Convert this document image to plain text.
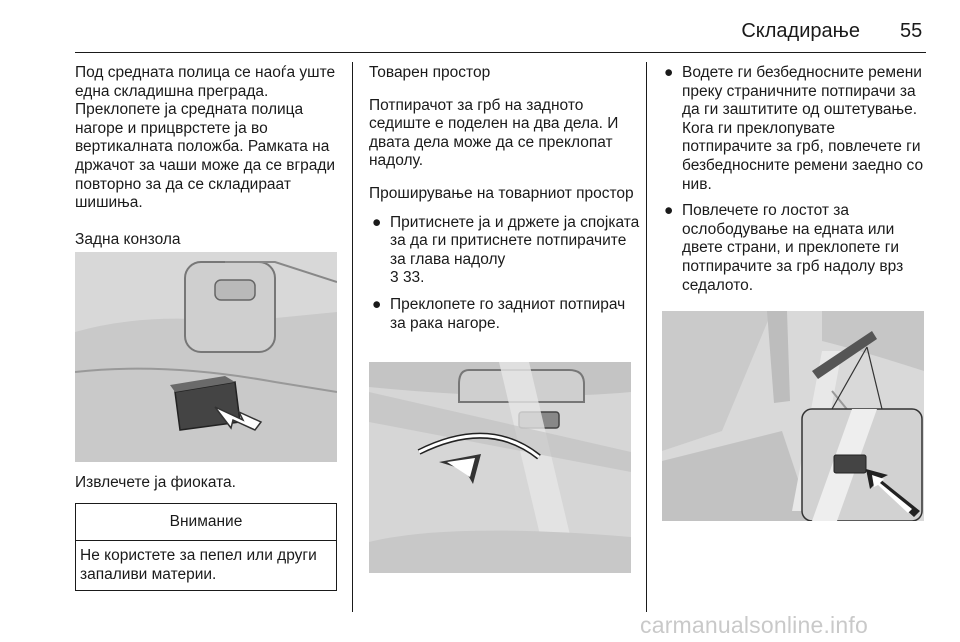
Складирање 55

Под средната полица се наоѓа уште една складишна преграда. Преклопете ја средната полица нагоре и прицврстете ја во вертикалната положба. Рамката на држачот за чаши може да се вгради повторно за да се складираат шишиња.

Задна конзола

Извлечете ја фиоката.

Внимание
Не користете за пепел или други запаливи материи.

Товарен простор

Потпирачот за грб на задното седиште е поделен на два дела. И двата дела може да се преклопат надолу.

Проширување на товарниот простор

● Притиснете ја и држете ја спојката за да ги притиснете потпирачите за глава надолу
3 33.
● Преклопете го задниот потпирач за рака нагоре.
● Водете ги безбедносните ремени преку страничните потпирачи за да ги заштитите од оштетување. Кога ги преклопувате потпирачите за грб, повлечете ги безбедносните ремени заедно со нив.
● Повлечете го лостот за ослободување на едната или двете страни, и преклопете ги потпирачите за грб надолу врз седалото.
carmanualsonline.info
